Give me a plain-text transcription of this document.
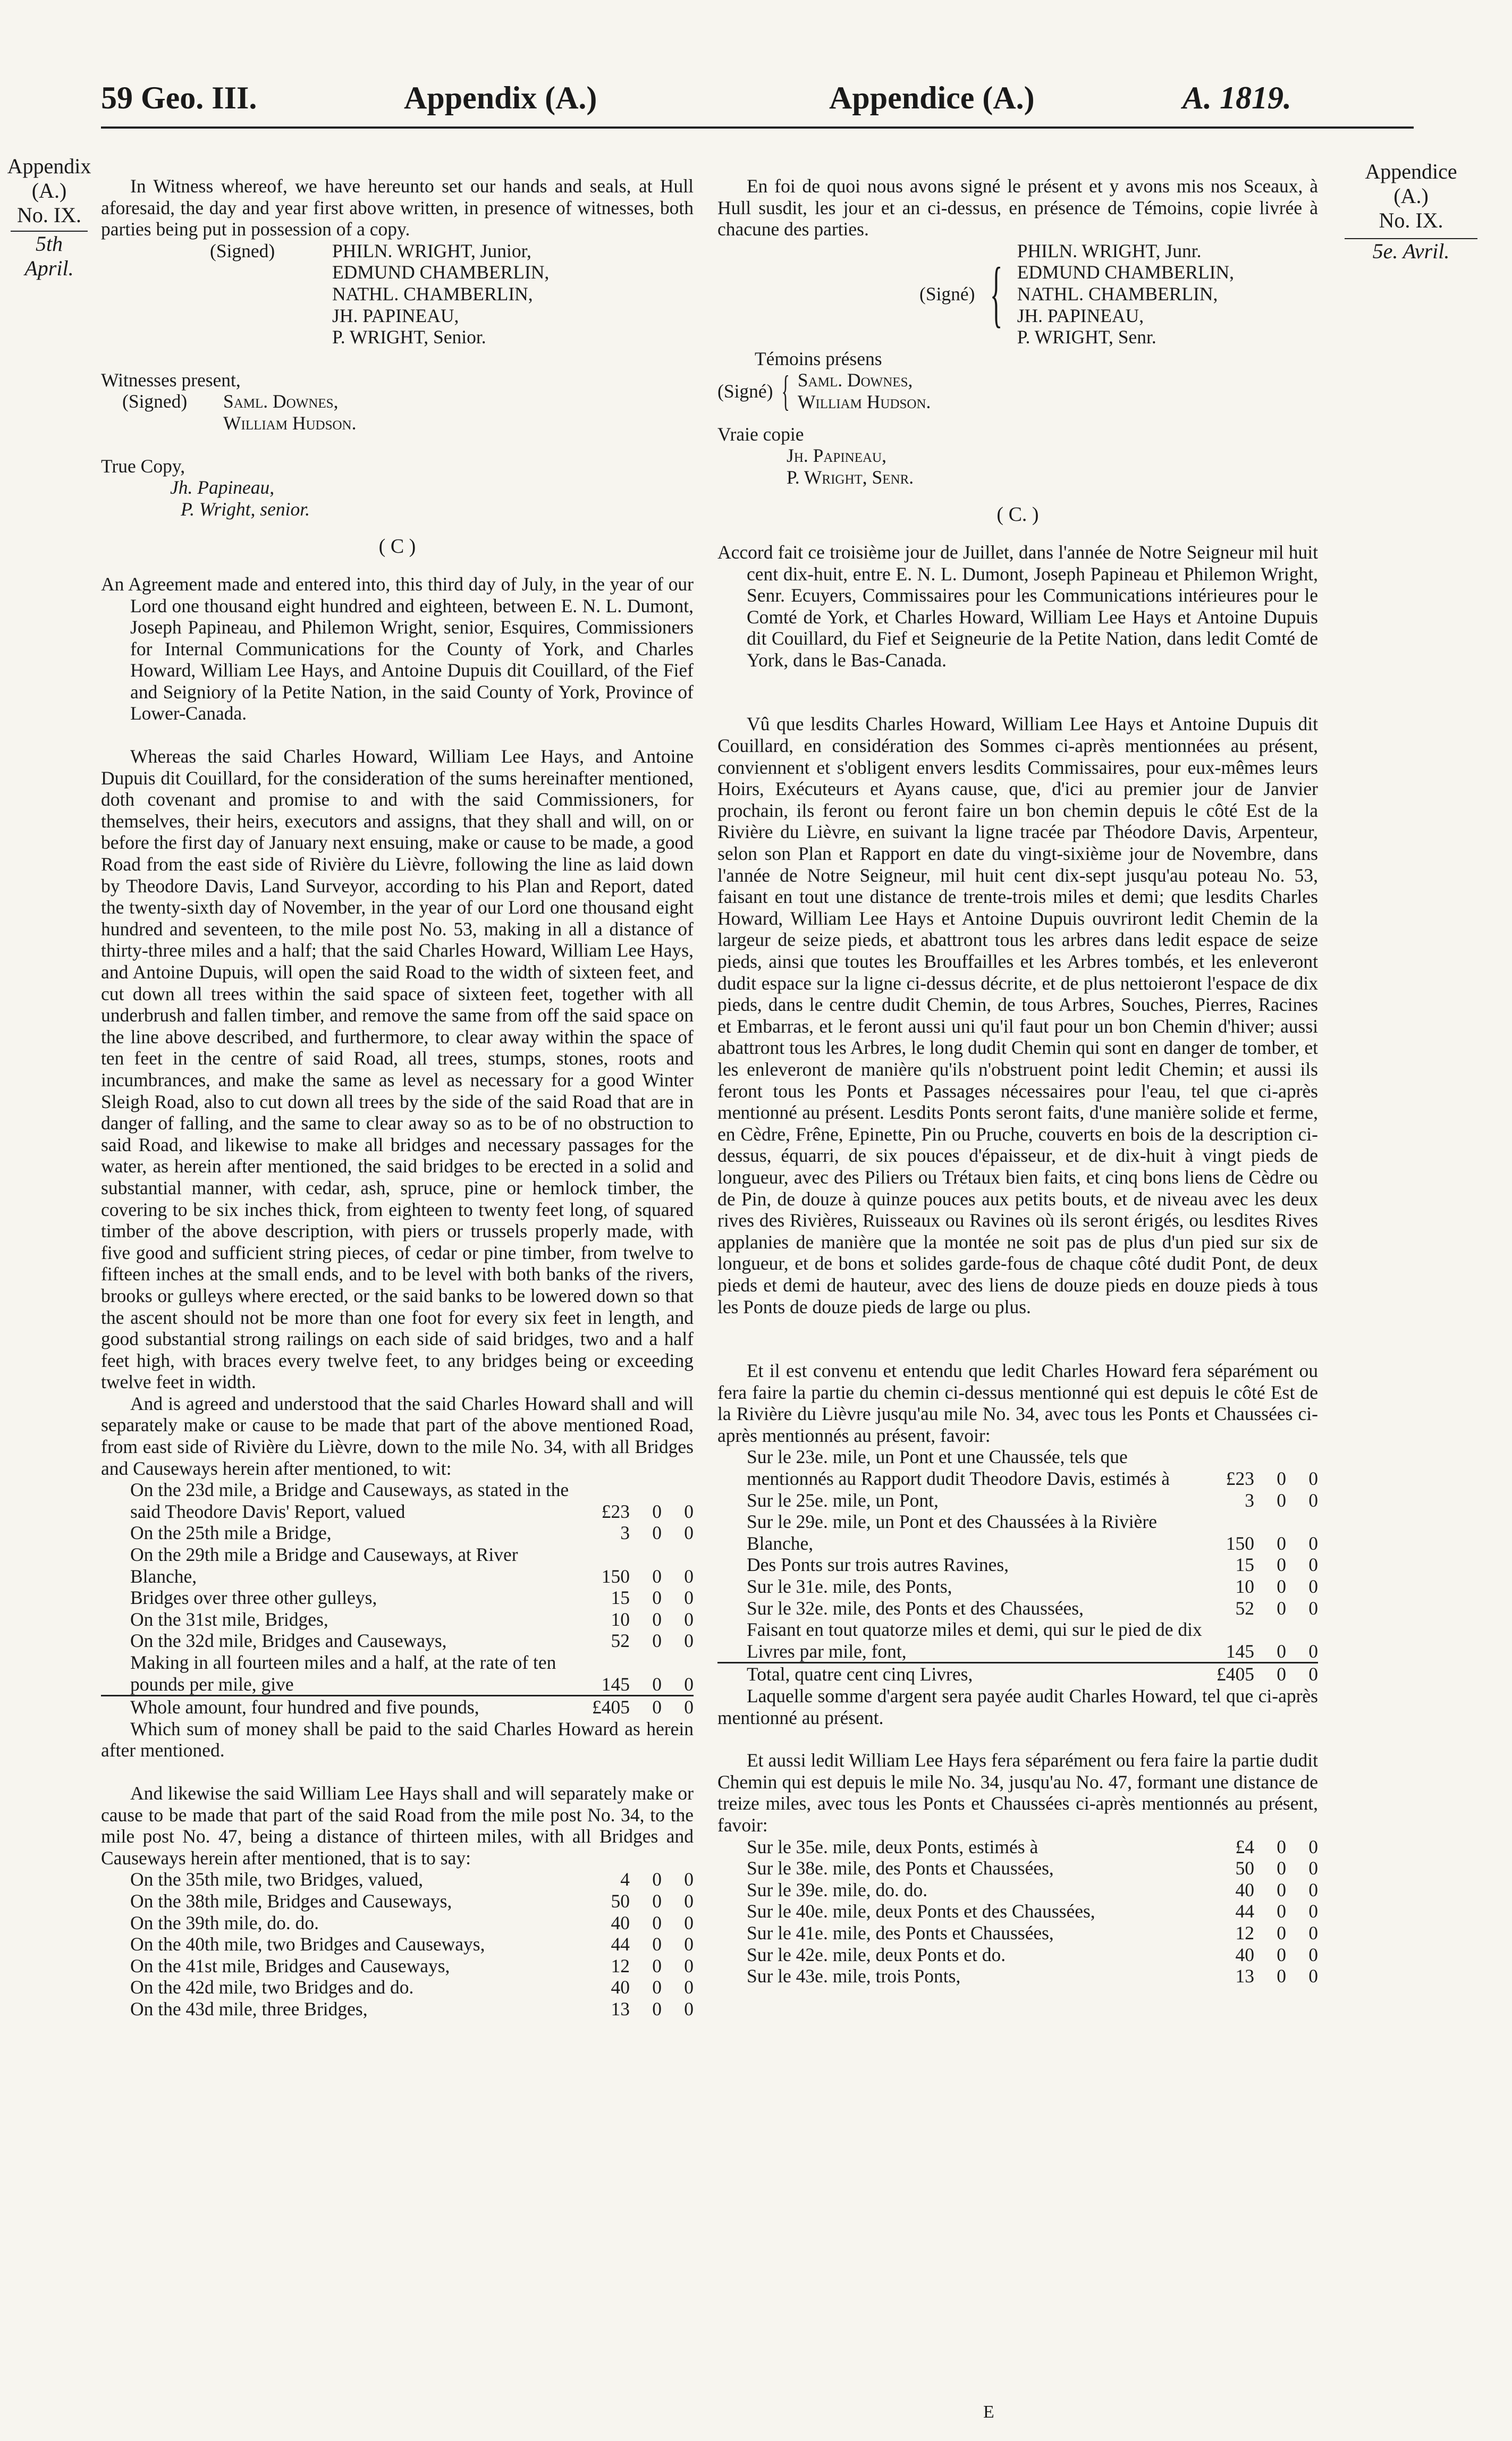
59 Geo. III.	Appendix (A.)	Appendice (A.)	A. 1819.
Appendix
(A.)
No. IX.
5th April.
Appendice
(A.)
No. IX.
5e. Avril.

In Witness whereof, we have hereunto set our hands and seals, at Hull aforesaid, the day and year first above written, in presence of witnesses, both parties being put in possession of a copy.

(Signed)	PHILN. WRIGHT, Junior,
EDMUND CHAMBERLIN,
NATHL. CHAMBERLIN,
JH. PAPINEAU,
P. WRIGHT, Senior.
Witnesses present,
(Signed)	Saml. Downes,
William Hudson.
True Copy,
Jh. Papineau,
P. Wright, senior.
( C )

An Agreement made and entered into, this third day of July, in the year of our Lord one thousand eight hundred and eighteen, between E. N. L. Dumont, Joseph Papineau, and Philemon Wright, senior, Esquires, Commissioners for Internal Communications for the County of York, and Charles Howard, William Lee Hays, and Antoine Dupuis dit Couillard, of the Fief and Seigniory of la Petite Nation, in the said County of York, Province of Lower-Canada.

Whereas the said Charles Howard, William Lee Hays, and Antoine Dupuis dit Couillard, for the consideration of the sums hereinafter mentioned, doth covenant and promise to and with the said Commissioners, for themselves, their heirs, executors and assigns, that they shall and will, on or before the first day of January next ensuing, make or cause to be made, a good Road from the east side of Rivière du Lièvre, following the line as laid down by Theodore Davis, Land Surveyor, according to his Plan and Report, dated the twenty-sixth day of November, in the year of our Lord one thousand eight hundred and seventeen, to the mile post No. 53, making in all a distance of thirty-three miles and a half; that the said Charles Howard, William Lee Hays, and Antoine Dupuis, will open the said Road to the width of sixteen feet, and cut down all trees within the said space of sixteen feet, together with all underbrush and fallen timber, and remove the same from off the said space on the line above described, and furthermore, to clear away within the space of ten feet in the centre of said Road, all trees, stumps, stones, roots and incumbrances, and make the same as level as necessary for a good Winter Sleigh Road, also to cut down all trees by the side of the said Road that are in danger of falling, and the same to clear away so as to be of no obstruction to said Road, and likewise to make all bridges and necessary passages for the water, as herein after mentioned, the said bridges to be erected in a solid and substantial manner, with cedar, ash, spruce, pine or hemlock timber, the covering to be six inches thick, from eighteen to twenty feet long, of squared timber of the above description, with piers or trussels properly made, with five good and sufficient string pieces, of cedar or pine timber, from twelve to fifteen inches at the small ends, and to be level with both banks of the rivers, brooks or gulleys where erected, or the said banks to be lowered down so that the ascent should not be more than one foot for every six feet in length, and good substantial strong railings on each side of said bridges, two and a half feet high, with braces every twelve feet, to any bridges being or exceeding twelve feet in width.

And is agreed and understood that the said Charles Howard shall and will separately make or cause to be made that part of the above mentioned Road, from east side of Rivière du Lièvre, down to the mile No. 34, with all Bridges and Causeways herein after mentioned, to wit:

On the 23d mile, a Bridge and Causeways, as stated in the said Theodore Davis' Report, valued	£23	0	0
On the 25th mile a Bridge,	3	0	0
On the 29th mile a Bridge and Causeways, at River Blanche,	150	0	0
Bridges over three other gulleys,	15	0	0
On the 31st mile, Bridges,	10	0	0
On the 32d mile, Bridges and Causeways,	52	0	0
Making in all fourteen miles and a half, at the rate of ten pounds per mile, give	145	0	0
Whole amount, four hundred and five pounds,	£405	0	0

Which sum of money shall be paid to the said Charles Howard as herein after mentioned.

And likewise the said William Lee Hays shall and will separately make or cause to be made that part of the said Road from the mile post No. 34, to the mile post No. 47, being a distance of thirteen miles, with all Bridges and Causeways herein after mentioned, that is to say:

On the 35th mile, two Bridges, valued,	4	0	0
On the 38th mile, Bridges and Causeways,	50	0	0
On the 39th mile, do. do.	40	0	0
On the 40th mile, two Bridges and Causeways,	44	0	0
On the 41st mile, Bridges and Causeways,	12	0	0
On the 42d mile, two Bridges and do.	40	0	0
On the 43d mile, three Bridges,	13	0	0

En foi de quoi nous avons signé le présent et y avons mis nos Sceaux, à Hull susdit, les jour et an ci-dessus, en présence de Témoins, copie livrée à chacune des parties.

(Signé) {
PHILN. WRIGHT, Junr.
EDMUND CHAMBERLIN,
NATHL. CHAMBERLIN,
JH. PAPINEAU,
P. WRIGHT, Senr.
Témoins présens
(Signé) { Saml. Downes,
William Hudson.
Vraie copie
Jh. Papineau,
P. Wright, Senr.
( C. )

Accord fait ce troisième jour de Juillet, dans l'année de Notre Seigneur mil huit cent dix-huit, entre E. N. L. Dumont, Joseph Papineau et Philemon Wright, Senr. Ecuyers, Commissaires pour les Communications intérieures pour le Comté de York, et Charles Howard, William Lee Hays et Antoine Dupuis dit Couillard, du Fief et Seigneurie de la Petite Nation, dans ledit Comté de York, dans le Bas-Canada.

Vû que lesdits Charles Howard, William Lee Hays et Antoine Dupuis dit Couillard, en considération des Sommes ci-après mentionnées au présent, conviennent et s'obligent envers lesdits Commissaires, pour eux-mêmes leurs Hoirs, Exécuteurs et Ayans cause, que, d'ici au premier jour de Janvier prochain, ils feront ou feront faire un bon chemin depuis le côté Est de la Rivière du Lièvre, en suivant la ligne tracée par Théodore Davis, Arpenteur, selon son Plan et Rapport en date du vingt-sixième jour de Novembre, dans l'année de Notre Seigneur, mil huit cent dix-sept jusqu'au poteau No. 53, faisant en tout une distance de trente-trois miles et demi; que lesdits Charles Howard, William Lee Hays et Antoine Dupuis ouvriront ledit Chemin de la largeur de seize pieds, et abattront tous les arbres dans ledit espace de seize pieds, ainsi que toutes les Brouffailles et les Arbres tombés, et les enleveront dudit espace sur la ligne ci-dessus décrite, et de plus nettoieront l'espace de dix pieds, dans le centre dudit Chemin, de tous Arbres, Souches, Pierres, Racines et Embarras, et le feront aussi uni qu'il faut pour un bon Chemin d'hiver; aussi abattront tous les Arbres, le long dudit Chemin qui sont en danger de tomber, et les enleveront de manière qu'ils n'obstruent point ledit Chemin; et aussi ils feront tous les Ponts et Passages nécessaires pour l'eau, tel que ci-après mentionné au présent. Lesdits Ponts seront faits, d'une manière solide et ferme, en Cèdre, Frêne, Epinette, Pin ou Pruche, couverts en bois de la description ci-dessus, équarri, de six pouces d'épaisseur, et de dix-huit à vingt pieds de longueur, avec des Piliers ou Trétaux bien faits, et cinq bons liens de Cèdre ou de Pin, de douze à quinze pouces aux petits bouts, et de niveau avec les deux rives des Rivières, Ruisseaux ou Ravines où ils seront érigés, ou lesdites Rives applanies de manière que la montée ne soit pas de plus d'un pied sur six de longueur, et de bons et solides garde-fous de chaque côté dudit Pont, de deux pieds et demi de hauteur, avec des liens de douze pieds en douze pieds à tous les Ponts de douze pieds de large ou plus.

Et il est convenu et entendu que ledit Charles Howard fera séparément ou fera faire la partie du chemin ci-dessus mentionné qui est depuis le côté Est de la Rivière du Lièvre jusqu'au mile No. 34, avec tous les Ponts et Chaussées ci-après mentionnés au présent, favoir:

Sur le 23e. mile, un Pont et une Chaussée, tels que mentionnés au Rapport dudit Theodore Davis, estimés à	£23	0	0
Sur le 25e. mile, un Pont,	3	0	0
Sur le 29e. mile, un Pont et des Chaussées à la Rivière Blanche,	150	0	0
Des Ponts sur trois autres Ravines,	15	0	0
Sur le 31e. mile, des Ponts,	10	0	0
Sur le 32e. mile, des Ponts et des Chaussées,	52	0	0
Faisant en tout quatorze miles et demi, qui sur le pied de dix Livres par mile, font,	145	0	0
Total, quatre cent cinq Livres,	£405	0	0

Laquelle somme d'argent sera payée audit Charles Howard, tel que ci-après mentionné au présent.

Et aussi ledit William Lee Hays fera séparément ou fera faire la partie dudit Chemin qui est depuis le mile No. 34, jusqu'au No. 47, formant une distance de treize miles, avec tous les Ponts et Chaussées ci-après mentionnés au présent, favoir:

Sur le 35e. mile, deux Ponts, estimés à	£4	0	0
Sur le 38e. mile, des Ponts et Chaussées,	50	0	0
Sur le 39e. mile, do. do.	40	0	0
Sur le 40e. mile, deux Ponts et des Chaussées,	44	0	0
Sur le 41e. mile, des Ponts et Chaussées,	12	0	0
Sur le 42e. mile, deux Ponts et do.	40	0	0
Sur le 43e. mile, trois Ponts,	13	0	0
E
